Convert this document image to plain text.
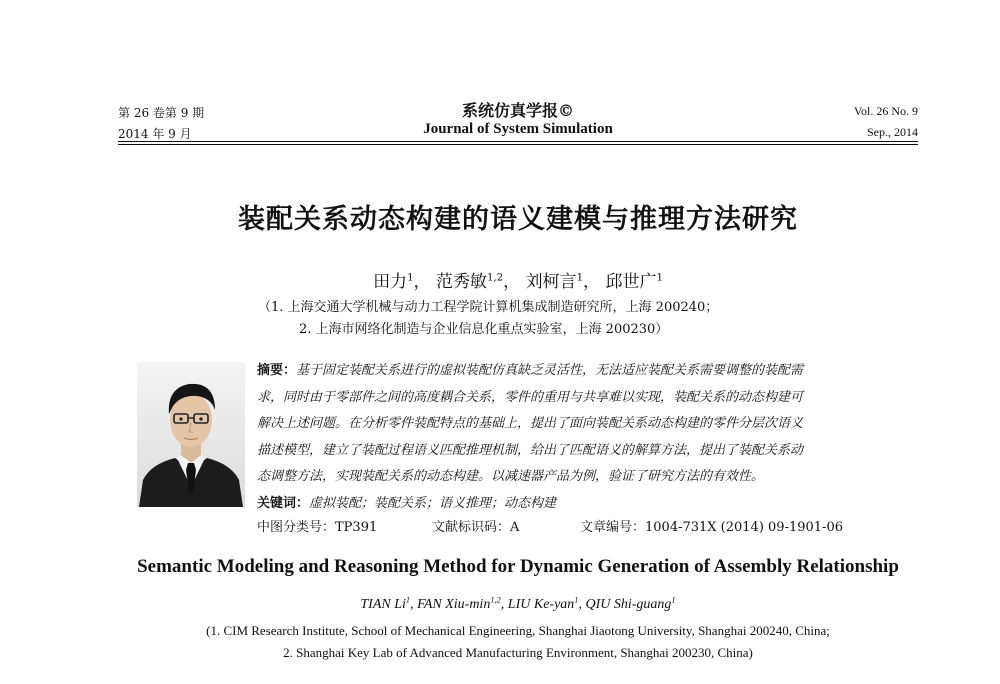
第 26 卷第 9 期
2014 年 9 月
系统仿真学报©
Journal of System Simulation
Vol. 26 No. 9
Sep., 2014
装配关系动态构建的语义建模与推理方法研究
田力$^1$， 范秀敏$^{1,2}$， 刘柯言$^1$， 邱世广$^1$
（1. 上海交通大学机械与动力工程学院计算机集成制造研究所，上海 200240；
2. 上海市网络化制造与企业信息化重点实验室，上海 200230）
摘要：基于固定装配关系进行的虚拟装配仿真缺乏灵活性，无法适应装配关系需要调整的装配需
求，同时由于零部件之间的高度耦合关系，零件的重用与共享难以实现，装配关系的动态构建可
解决上述问题。在分析零件装配特点的基础上，提出了面向装配关系动态构建的零件分层次语义
描述模型，建立了装配过程语义匹配推理机制，给出了匹配语义的解算方法，提出了装配关系动
态调整方法，实现装配关系的动态构建。以减速器产品为例，验证了研究方法的有效性。
关键词：虚拟装配；装配关系；语义推理；动态构建
中图分类号：TP391	文献标识码：A	文章编号：1004-731X (2014) 09-1901-06
Semantic Modeling and Reasoning Method for Dynamic Generation of Assembly Relationship
TIAN Li$^1$, FAN Xiu-$\min^{1,2}$, LIU Ke-yan$^1$, QIU Shi-guang$^1$
(1. CIM Research Institute, School of Mechanical Engineering, Shanghai Jiaotong University, Shanghai 200240, China;
2. Shanghai Key Lab of Advanced Manufacturing Environment, Shanghai 200230, China)
